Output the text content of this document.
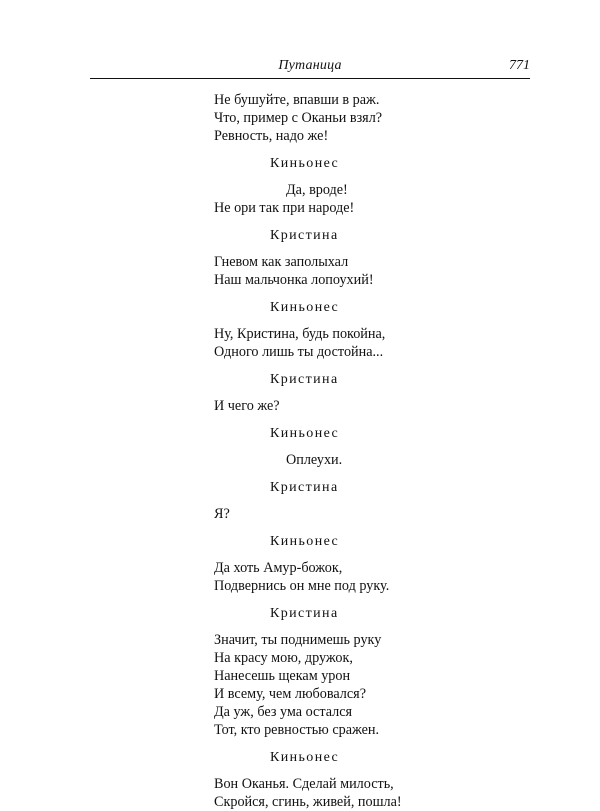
Путаница	771
Не бушуйте, впавши в раж.
Что, пример с Оканьи взял?
Ревность, надо же!
Киньонес
Да, вроде!
Не ори так при народе!
Кристина
Гневом как заполыхал
Наш мальчонка лопоухий!
Киньонес
Ну, Кристина, будь покойна,
Одного лишь ты достойна...
Кристина
И чего же?
Киньонес
Оплеухи.
Кристина
Я?
Киньонес
Да хоть Амур-божок,
Подвернись он мне под руку.
Кристина
Значит, ты поднимешь руку
На красу мою, дружок,
Нанесешь щекам урон
И всему, чем любовался?
Да уж, без ума остался
Тот, кто ревностью сражен.
Киньонес
Вон Оканья. Сделай милость,
Скройся, сгинь, живей, пошла!
